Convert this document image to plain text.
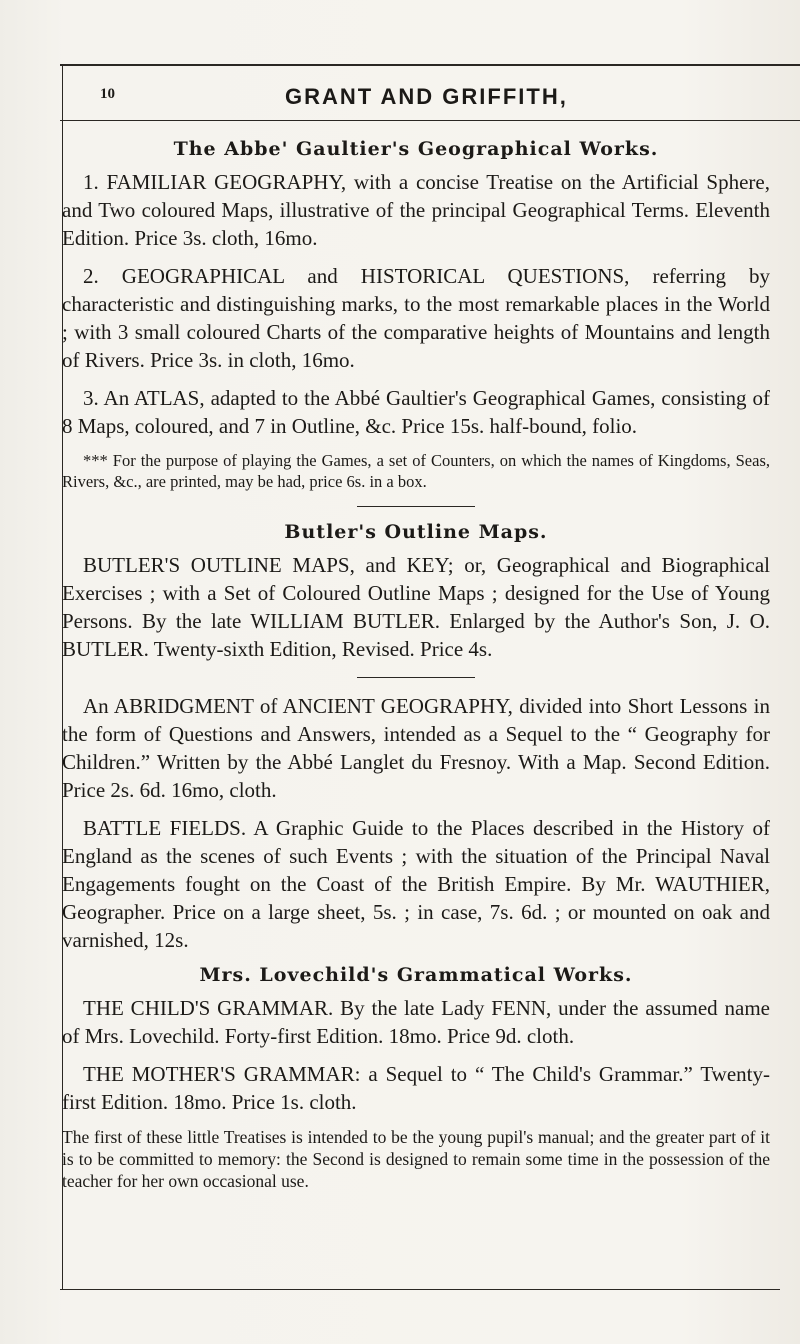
10	GRANT AND GRIFFITH,
The Abbe' Gaultier's Geographical Works.

1. FAMILIAR GEOGRAPHY, with a concise Treatise on the Artificial Sphere, and Two coloured Maps, illustrative of the principal Geographical Terms. Eleventh Edition. Price 3s. cloth, 16mo.

2. GEOGRAPHICAL and HISTORICAL QUESTIONS, referring by characteristic and distinguishing marks, to the most remarkable places in the World ; with 3 small coloured Charts of the comparative heights of Mountains and length of Rivers. Price 3s. in cloth, 16mo.

3. An ATLAS, adapted to the Abbé Gaultier's Geographical Games, consisting of 8 Maps, coloured, and 7 in Outline, &c. Price 15s. half-bound, folio.

*** For the purpose of playing the Games, a set of Counters, on which the names of Kingdoms, Seas, Rivers, &c., are printed, may be had, price 6s. in a box.

Butler's Outline Maps.

BUTLER'S OUTLINE MAPS, and KEY; or, Geographical and Biographical Exercises ; with a Set of Coloured Outline Maps ; designed for the Use of Young Persons. By the late WILLIAM BUTLER. Enlarged by the Author's Son, J. O. BUTLER. Twenty-sixth Edition, Revised. Price 4s.

An ABRIDGMENT of ANCIENT GEOGRAPHY, divided into Short Lessons in the form of Questions and Answers, intended as a Sequel to the “ Geography for Children.” Written by the Abbé Langlet du Fresnoy. With a Map. Second Edition. Price 2s. 6d. 16mo, cloth.

BATTLE FIELDS. A Graphic Guide to the Places described in the History of England as the scenes of such Events ; with the situation of the Principal Naval Engagements fought on the Coast of the British Empire. By Mr. WAUTHIER, Geographer. Price on a large sheet, 5s. ; in case, 7s. 6d. ; or mounted on oak and varnished, 12s.

Mrs. Lovechild's Grammatical Works.

THE CHILD'S GRAMMAR. By the late Lady FENN, under the assumed name of Mrs. Lovechild. Forty-first Edition. 18mo. Price 9d. cloth.

THE MOTHER'S GRAMMAR: a Sequel to “ The Child's Grammar.” Twenty-first Edition. 18mo. Price 1s. cloth.

The first of these little Treatises is intended to be the young pupil's manual; and the greater part of it is to be committed to memory: the Second is designed to remain some time in the possession of the teacher for her own occasional use.
